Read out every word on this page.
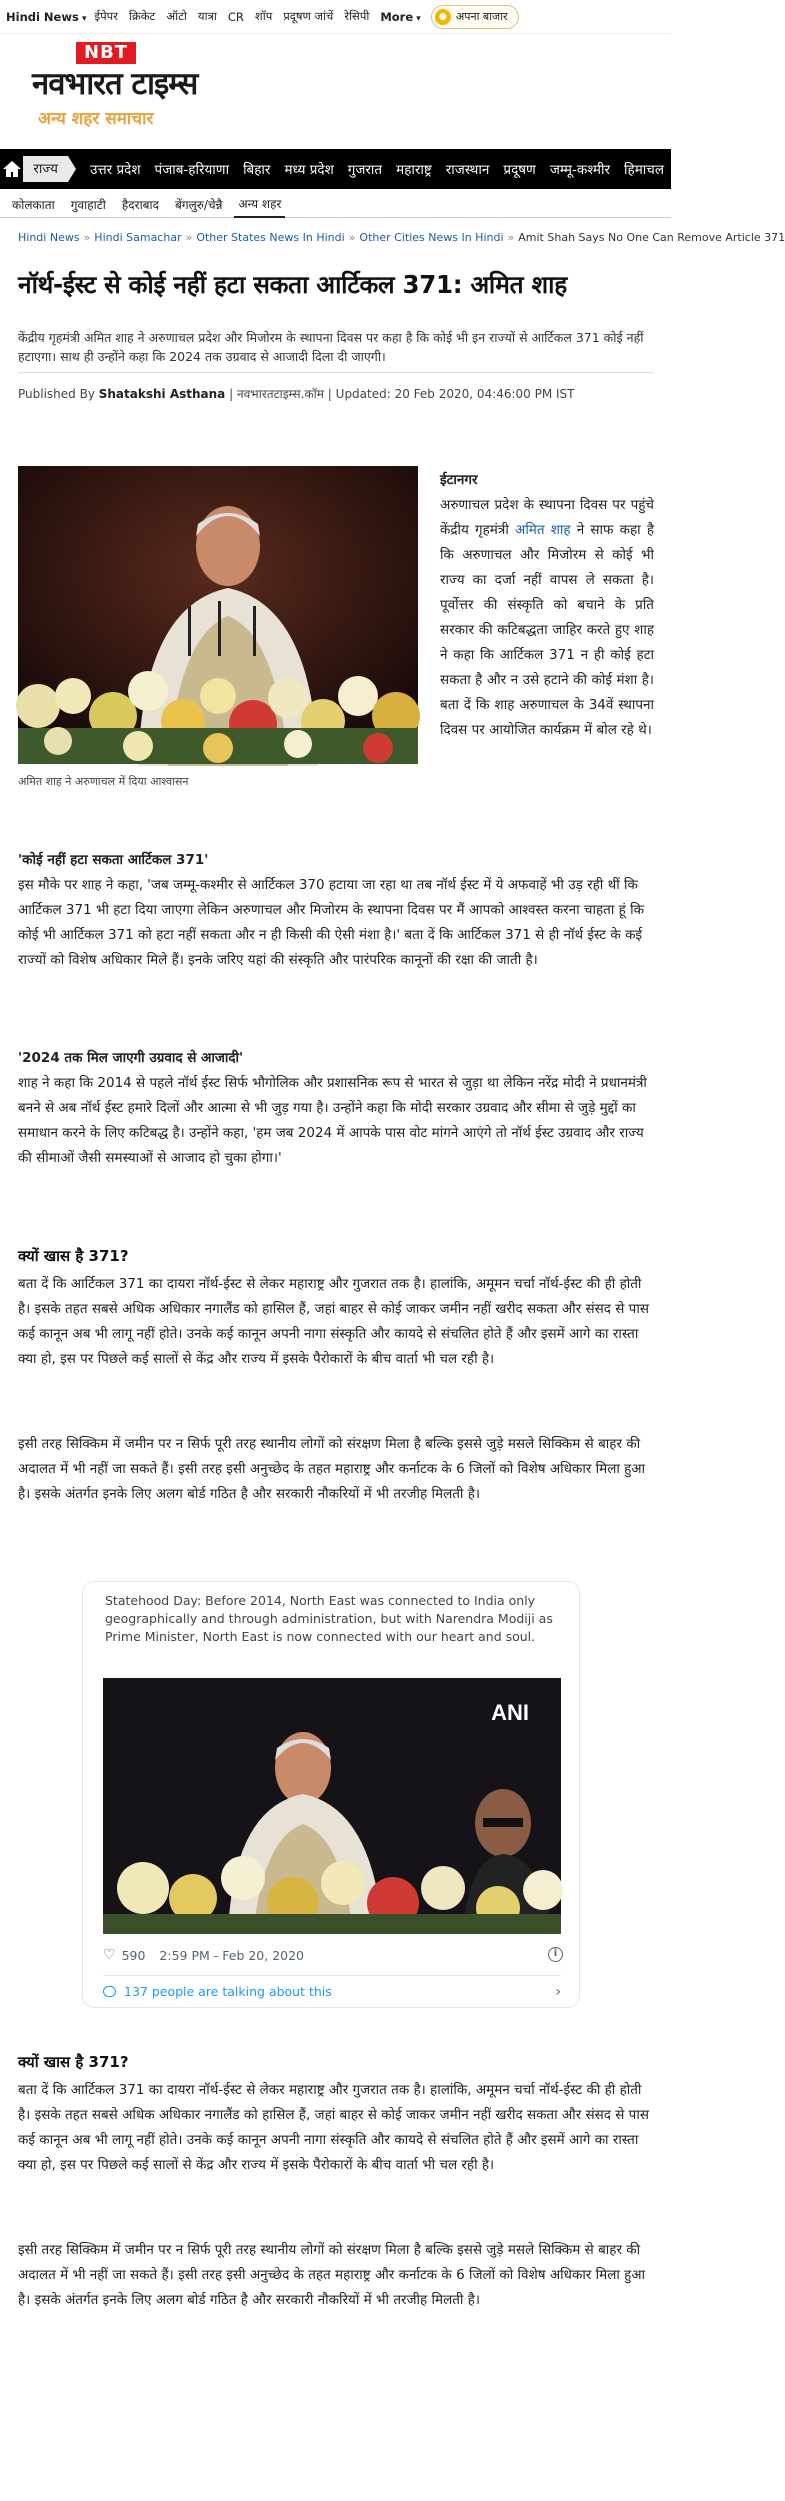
Hindi News ▾	ईपेपर क्रिकेट ऑटो यात्रा CR शॉप प्रदूषण जांचें रेसिपी More ▾	● अपना बाजार
NBT
नवभारत टाइम्स
अन्य शहर समाचार
राज्य	उत्तर प्रदेश पंजाब-हरियाणा बिहार मध्य प्रदेश गुजरात महाराष्ट्र राजस्थान प्रदूषण जम्मू-कश्मीर हिमाचल
कोलकाता	गुवाहाटी	हैदराबाद	बेंगलुरु/चेन्नै	अन्य शहर
Hindi News » Hindi Samachar » Other States News In Hindi » Other Cities News In Hindi » Amit Shah Says No One Can Remove Article 371
नॉर्थ-ईस्ट से कोई नहीं हटा सकता आर्टिकल 371: अमित शाह

केंद्रीय गृहमंत्री अमित शाह ने अरुणाचल प्रदेश और मिजोरम के स्थापना दिवस पर कहा है कि कोई भी इन राज्यों से आर्टिकल 371 कोई नहीं हटाएगा। साथ ही उन्होंने कहा कि 2024 तक उग्रवाद से आजादी दिला दी जाएगी।

Published By Shatakshi Asthana | नवभारतटाइम्स.कॉम | Updated: 20 Feb 2020, 04:46:00 PM IST
अमित शाह ने अरुणाचल में दिया आश्वासन
ईटानगर
अरुणाचल प्रदेश के स्थापना दिवस पर पहुंचे केंद्रीय गृहमंत्री अमित शाह ने साफ कहा है कि अरुणाचल और मिजोरम से कोई भी राज्य का दर्जा नहीं वापस ले सकता है। पूर्वोत्तर की संस्कृति को बचाने के प्रति सरकार की कटिबद्धता जाहिर करते हुए शाह ने कहा कि आर्टिकल 371 न ही कोई हटा सकता है और न उसे हटाने की कोई मंशा है। बता दें कि शाह अरुणाचल के 34वें स्थापना दिवस पर आयोजित कार्यक्रम में बोल रहे थे।
'कोई नहीं हटा सकता आर्टिकल 371'
इस मौके पर शाह ने कहा, 'जब जम्मू-कश्मीर से आर्टिकल 370 हटाया जा रहा था तब नॉर्थ ईस्ट में ये अफवाहें भी उड़ रही थीं कि आर्टिकल 371 भी हटा दिया जाएगा लेकिन अरुणाचल और मिजोरम के स्थापना दिवस पर मैं आपको आश्वस्त करना चाहता हूं कि कोई भी आर्टिकल 371 को हटा नहीं सकता और न ही किसी की ऐसी मंशा है।' बता दें कि आर्टिकल 371 से ही नॉर्थ ईस्ट के कई राज्यों को विशेष अधिकार मिले हैं। इनके जरिए यहां की संस्कृति और पारंपरिक कानूनों की रक्षा की जाती है।
'2024 तक मिल जाएगी उग्रवाद से आजादी'
शाह ने कहा कि 2014 से पहले नॉर्थ ईस्ट सिर्फ भौगोलिक और प्रशासनिक रूप से भारत से जुड़ा था लेकिन नरेंद्र मोदी ने प्रधानमंत्री बनने से अब नॉर्थ ईस्ट हमारे दिलों और आत्मा से भी जुड़ गया है। उन्होंने कहा कि मोदी सरकार उग्रवाद और सीमा से जुड़े मुद्दों का समाधान करने के लिए कटिबद्ध है। उन्होंने कहा, 'हम जब 2024 में आपके पास वोट मांगने आएंगे तो नॉर्थ ईस्ट उग्रवाद और राज्य की सीमाओं जैसी समस्याओं से आजाद हो चुका होगा।'
क्यों खास है 371?
बता दें कि आर्टिकल 371 का दायरा नॉर्थ-ईस्ट से लेकर महाराष्ट्र और गुजरात तक है। हालांकि, अमूमन चर्चा नॉर्थ-ईस्ट की ही होती है। इसके तहत सबसे अधिक अधिकार नगालैंड को हासिल हैं, जहां बाहर से कोई जाकर जमीन नहीं खरीद सकता और संसद से पास कई कानून अब भी लागू नहीं होते। उनके कई कानून अपनी नागा संस्कृति और कायदे से संचलित होते हैं और इसमें आगे का रास्ता क्या हो, इस पर पिछले कई सालों से केंद्र और राज्य में इसके पैरोकारों के बीच वार्ता भी चल रही है।
इसी तरह सिक्किम में जमीन पर न सिर्फ पूरी तरह स्थानीय लोगों को संरक्षण मिला है बल्कि इससे जुड़े मसले सिक्किम से बाहर की अदालत में भी नहीं जा सकते हैं। इसी तरह इसी अनुच्छेद के तहत महाराष्ट्र और कर्नाटक के 6 जिलों को विशेष अधिकार मिला हुआ है। इसके अंतर्गत इनके लिए अलग बोर्ड गठित है और सरकारी नौकरियों में भी तरजीह मिलती है।
Statehood Day: Before 2014, North East was connected to India only geographically and through administration, but with Narendra Modiji as Prime Minister, North East is now connected with our heart and soul.
ANI
♡ 590 2:59 PM - Feb 20, 2020	i
137 people are talking about this	›
क्यों खास है 371?
बता दें कि आर्टिकल 371 का दायरा नॉर्थ-ईस्ट से लेकर महाराष्ट्र और गुजरात तक है। हालांकि, अमूमन चर्चा नॉर्थ-ईस्ट की ही होती है। इसके तहत सबसे अधिक अधिकार नगालैंड को हासिल हैं, जहां बाहर से कोई जाकर जमीन नहीं खरीद सकता और संसद से पास कई कानून अब भी लागू नहीं होते। उनके कई कानून अपनी नागा संस्कृति और कायदे से संचलित होते हैं और इसमें आगे का रास्ता क्या हो, इस पर पिछले कई सालों से केंद्र और राज्य में इसके पैरोकारों के बीच वार्ता भी चल रही है।
इसी तरह सिक्किम में जमीन पर न सिर्फ पूरी तरह स्थानीय लोगों को संरक्षण मिला है बल्कि इससे जुड़े मसले सिक्किम से बाहर की अदालत में भी नहीं जा सकते हैं। इसी तरह इसी अनुच्छेद के तहत महाराष्ट्र और कर्नाटक के 6 जिलों को विशेष अधिकार मिला हुआ है। इसके अंतर्गत इनके लिए अलग बोर्ड गठित है और सरकारी नौकरियों में भी तरजीह मिलती है।
